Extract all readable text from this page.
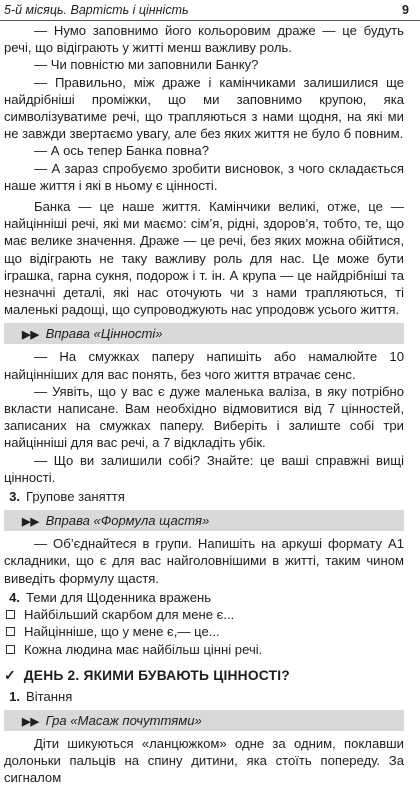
5-й місяць. Вартість і цінність	9

— Нумо заповнимо його кольоровим драже — це будуть речі, що відіграють у житті менш важливу роль.

— Чи повністю ми заповнили Банку?

— Правильно, між драже і камінчиками залишилися ще найдрібніші проміжки, що ми заповнимо крупою, яка символізуватиме речі, що трапляються з нами щодня, на які ми не завжди звертаємо увагу, але без яких життя не було б повним.

— А ось тепер Банка повна?

— А зараз спробуємо зробити висновок, з чого складається наше життя і які в ньому є цінності.

Банка — це наше життя. Камінчики великі, отже, це — найцінніші речі, які ми маємо: сім’я, рідні, здоров’я, тобто, те, що має велике значення. Драже — це речі, без яких можна обійтися, що відіграють не таку важливу роль для нас. Це може бути іграшка, гарна сукня, подорож і т. ін. А крупа — це найдрібніші та незначні деталі, які нас оточують чи з нами трапляються, ті маленькі радощі, що супроводжують нас упродовж усього життя.

▶▶ Вправа «Цінності»

— На смужках паперу напишіть або намалюйте 10 найцінніших для вас понять, без чого життя втрачає сенс.

— Уявіть, що у вас є дуже маленька валіза, в яку потрібно вкласти написане. Вам необхідно відмовитися від 7 цінностей, записаних на смужках паперу. Виберіть і залиште собі три найцінніші для вас речі, а 7 відкладіть убік.

— Що ви залишили собі? Знайте: це ваші справжні вищі цінності.

3. Групове заняття
▶▶ Вправа «Формула щастя»

— Об’єднайтеся в групи. Напишіть на аркуші формату А1 складники, що є для вас найголовнішими в житті, таким чином виведіть формулу щастя.

4. Теми для Щоденника вражень
Найбільший скарбом для мене є...
Найцінніше, що у мене є,— це...
Кожна людина має найбільш цінні речі.
✓ ДЕНЬ 2. ЯКИМИ БУВАЮТЬ ЦІННОСТІ?
1. Вітання
▶▶ Гра «Масаж почуттями»

Діти шикуються «ланцюжком» одне за одним, поклавши долоньки пальців на спину дитини, яка стоїть попереду. За сигналом
